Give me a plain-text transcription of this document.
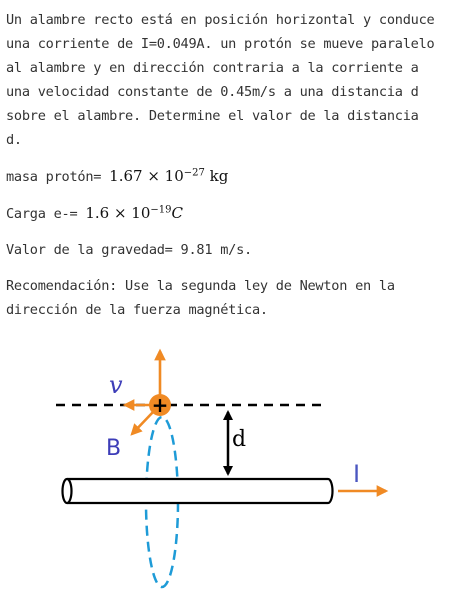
Un alambre recto está en posición horizontal y conduce una corriente de I=0.049A. un protón se mueve paralelo al alambre y en dirección contraria a la corriente a una velocidad constante de 0.45m/s a una distancia d sobre el alambre. Determine el valor de la distancia d.

masa protón= $1.67 \times 10^{-27}$ kg

Carga $e-= 1.6 \times 10^{-19}C$

Valor de la gravedad= 9.81 m/s.

Recomendación: Use la segunda ley de Newton en la dirección de la fuerza magnética.

d
I
v
B
+
